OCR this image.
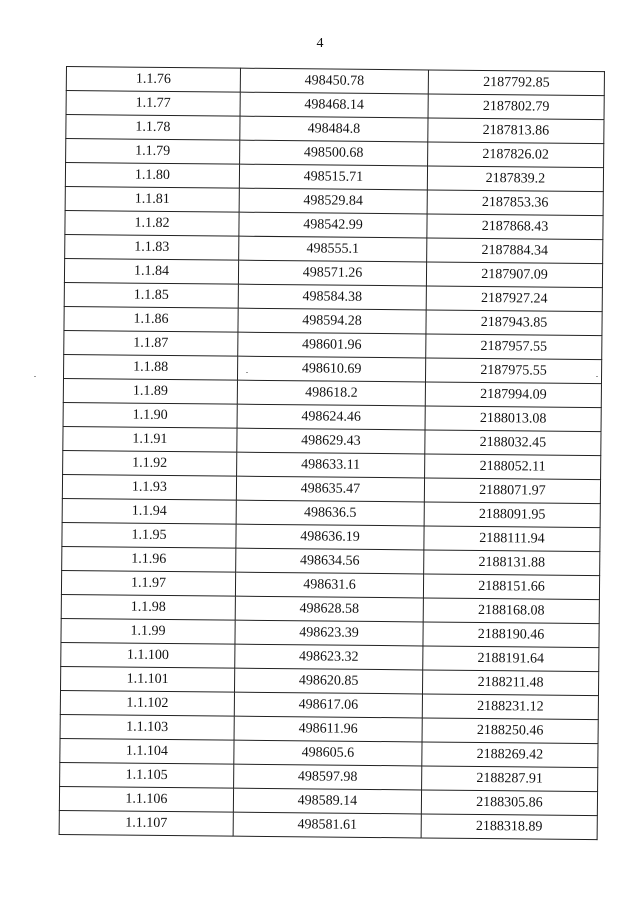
4
1.1.76	498450.78	2187792.85
1.1.77	498468.14	2187802.79
1.1.78	498484.8	2187813.86
1.1.79	498500.68	2187826.02
1.1.80	498515.71	2187839.2
1.1.81	498529.84	2187853.36
1.1.82	498542.99	2187868.43
1.1.83	498555.1	2187884.34
1.1.84	498571.26	2187907.09
1.1.85	498584.38	2187927.24
1.1.86	498594.28	2187943.85
1.1.87	498601.96	2187957.55
1.1.88	498610.69	2187975.55
1.1.89	498618.2	2187994.09
1.1.90	498624.46	2188013.08
1.1.91	498629.43	2188032.45
1.1.92	498633.11	2188052.11
1.1.93	498635.47	2188071.97
1.1.94	498636.5	2188091.95
1.1.95	498636.19	2188111.94
1.1.96	498634.56	2188131.88
1.1.97	498631.6	2188151.66
1.1.98	498628.58	2188168.08
1.1.99	498623.39	2188190.46
1.1.100	498623.32	2188191.64
1.1.101	498620.85	2188211.48
1.1.102	498617.06	2188231.12
1.1.103	498611.96	2188250.46
1.1.104	498605.6	2188269.42
1.1.105	498597.98	2188287.91
1.1.106	498589.14	2188305.86
1.1.107	498581.61	2188318.89
